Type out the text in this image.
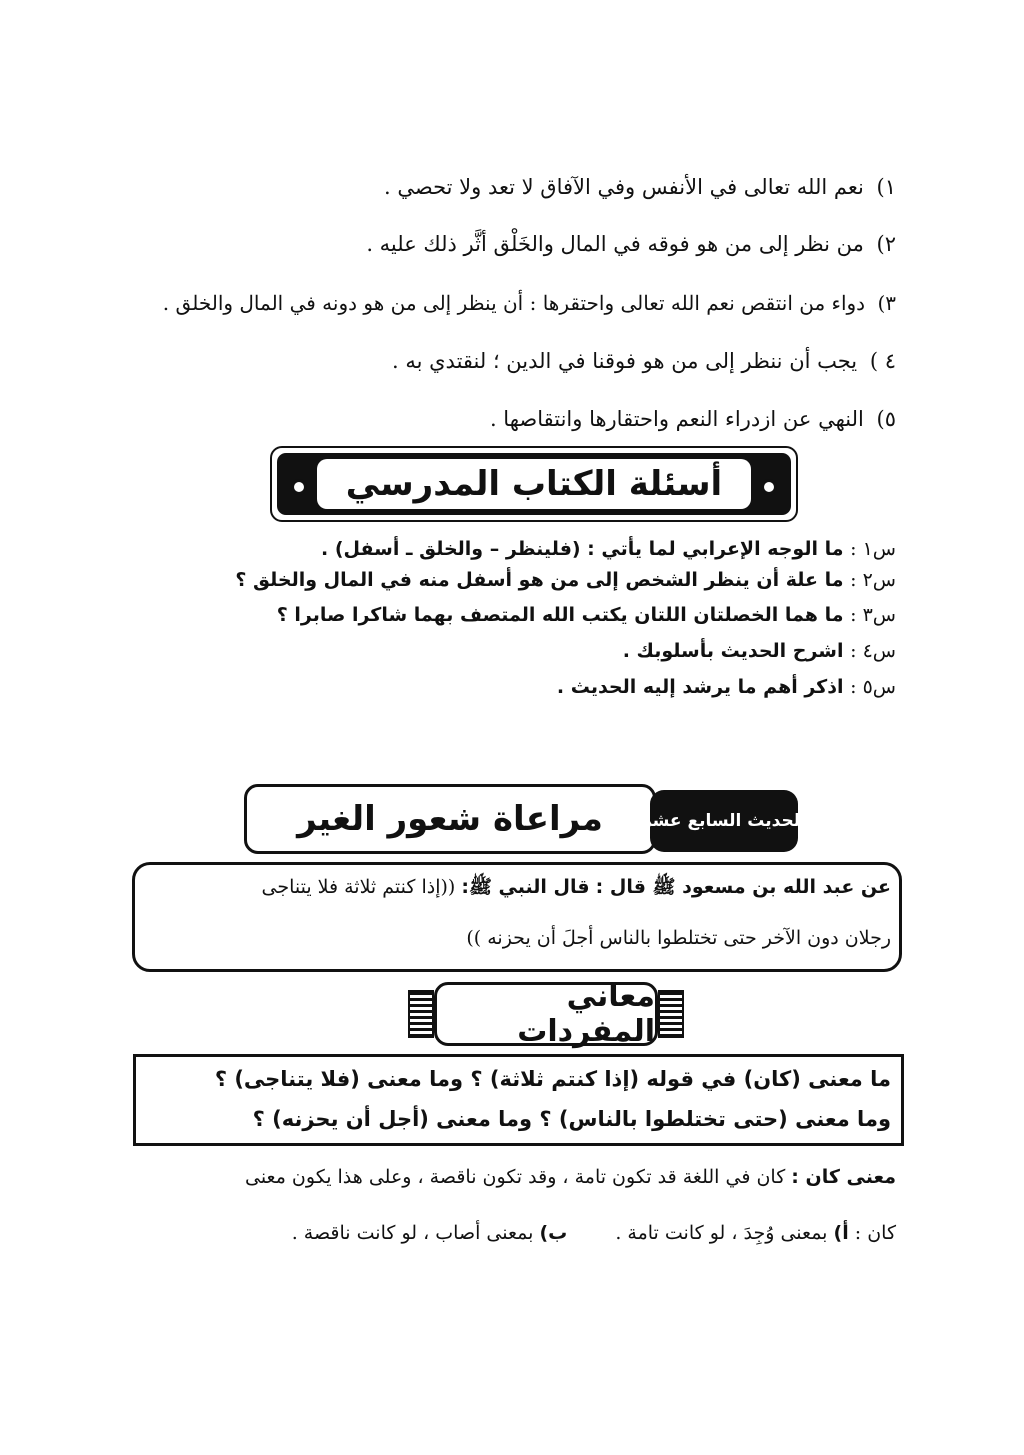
١) نعم الله تعالى في الأنفس وفي الآفاق لا تعد ولا تحصي .
٢) من نظر إلى من هو فوقه في المال والخَلْق أثَّر ذلك عليه .
٣) دواء من انتقص نعم الله تعالى واحتقرها : أن ينظر إلى من هو دونه في المال والخلق .
٤ ) يجب أن ننظر إلى من هو فوقنا في الدين ؛ لنقتدي به .
٥) النهي عن ازدراء النعم واحتقارها وانتقاصها .
أسئلة الكتاب المدرسي
س١ : ما الوجه الإعرابي لما يأتي : (فلينظر – والخلق ـ أسفل) .
س٢ : ما علة أن ينظر الشخص إلى من هو أسفل منه في المال والخلق ؟
س٣ : ما هما الخصلتان اللتان يكتب الله المتصف بهما شاكرا صابرا ؟
س٤ : اشرح الحديث بأسلوبك .
س٥ : اذكر أهم ما يرشد إليه الحديث .
مراعاة شعور الغير	الحديث السابع عشر
عن عبد الله بن مسعود ﷺ قال : قال النبي ﷺ: ((إذا كنتم ثلاثة فلا يتناجى
رجلان دون الآخر حتى تختلطوا بالناس أجلَ أن يحزنه ))
معاني المفردات
ما معنى (كان) في قوله (إذا كنتم ثلاثة) ؟ وما معنى (فلا يتناجى) ؟
وما معنى (حتى تختلطوا بالناس) ؟ وما معنى (أجل أن يحزنه) ؟
معنى كان : كان في اللغة قد تكون تامة ، وقد تكون ناقصة ، وعلى هذا يكون معنى
كان : أ) بمعنى وُجِدَ ، لو كانت تامة .  ب) بمعنى أصاب ، لو كانت ناقصة .
